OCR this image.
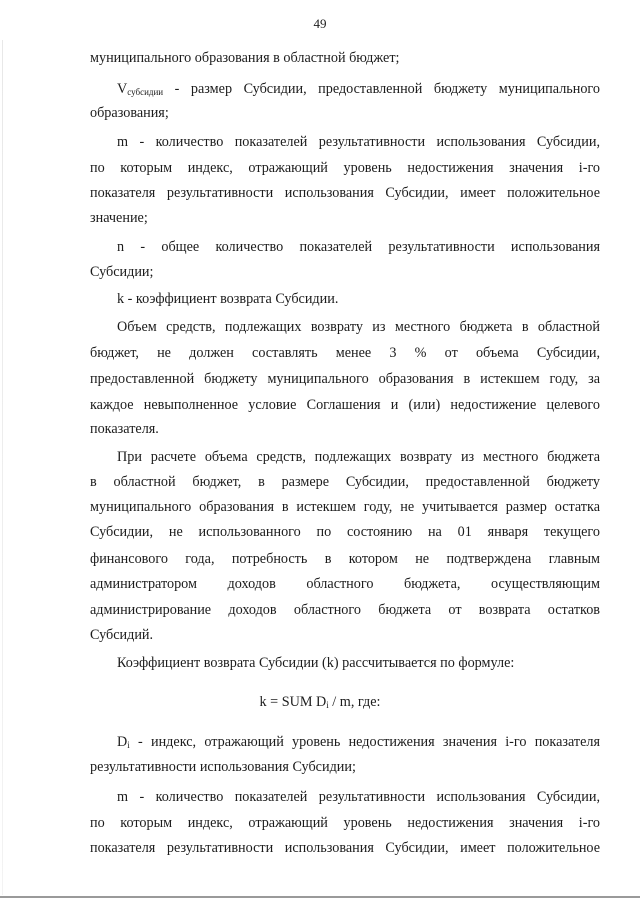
49
муниципального образования в областной бюджет;
$V_{субсидии}$ - размер Субсидии, предоставленной бюджету муниципального
образования;
m - количество показателей результативности использования Субсидии,
по которым индекс, отражающий уровень недостижения значения i-го
показателя результативности использования Субсидии, имеет положительное
значение;
n - общее количество показателей результативности использования
Субсидии;
k - коэффициент возврата Субсидии.
Объем средств, подлежащих возврату из местного бюджета в областной
бюджет, не должен составлять менее 3 % от объема Субсидии,
предоставленной бюджету муниципального образования в истекшем году, за
каждое невыполненное условие Соглашения и (или) недостижение целевого
показателя.
При расчете объема средств, подлежащих возврату из местного бюджета
в областной бюджет, в размере Субсидии, предоставленной бюджету
муниципального образования в истекшем году, не учитывается размер остатка
Субсидии, не использованного по состоянию на 01 января текущего
финансового года, потребность в котором не подтверждена главным
администратором доходов областного бюджета, осуществляющим
администрирование доходов областного бюджета от возврата остатков
Субсидий.
Коэффициент возврата Субсидии (k) рассчитывается по формуле:
k = SUM $D_i$ / m, где:
$D_i$ - индекс, отражающий уровень недостижения значения i-го показателя
результативности использования Субсидии;
m - количество показателей результативности использования Субсидии,
по которым индекс, отражающий уровень недостижения значения i-го
показателя результативности использования Субсидии, имеет положительное
